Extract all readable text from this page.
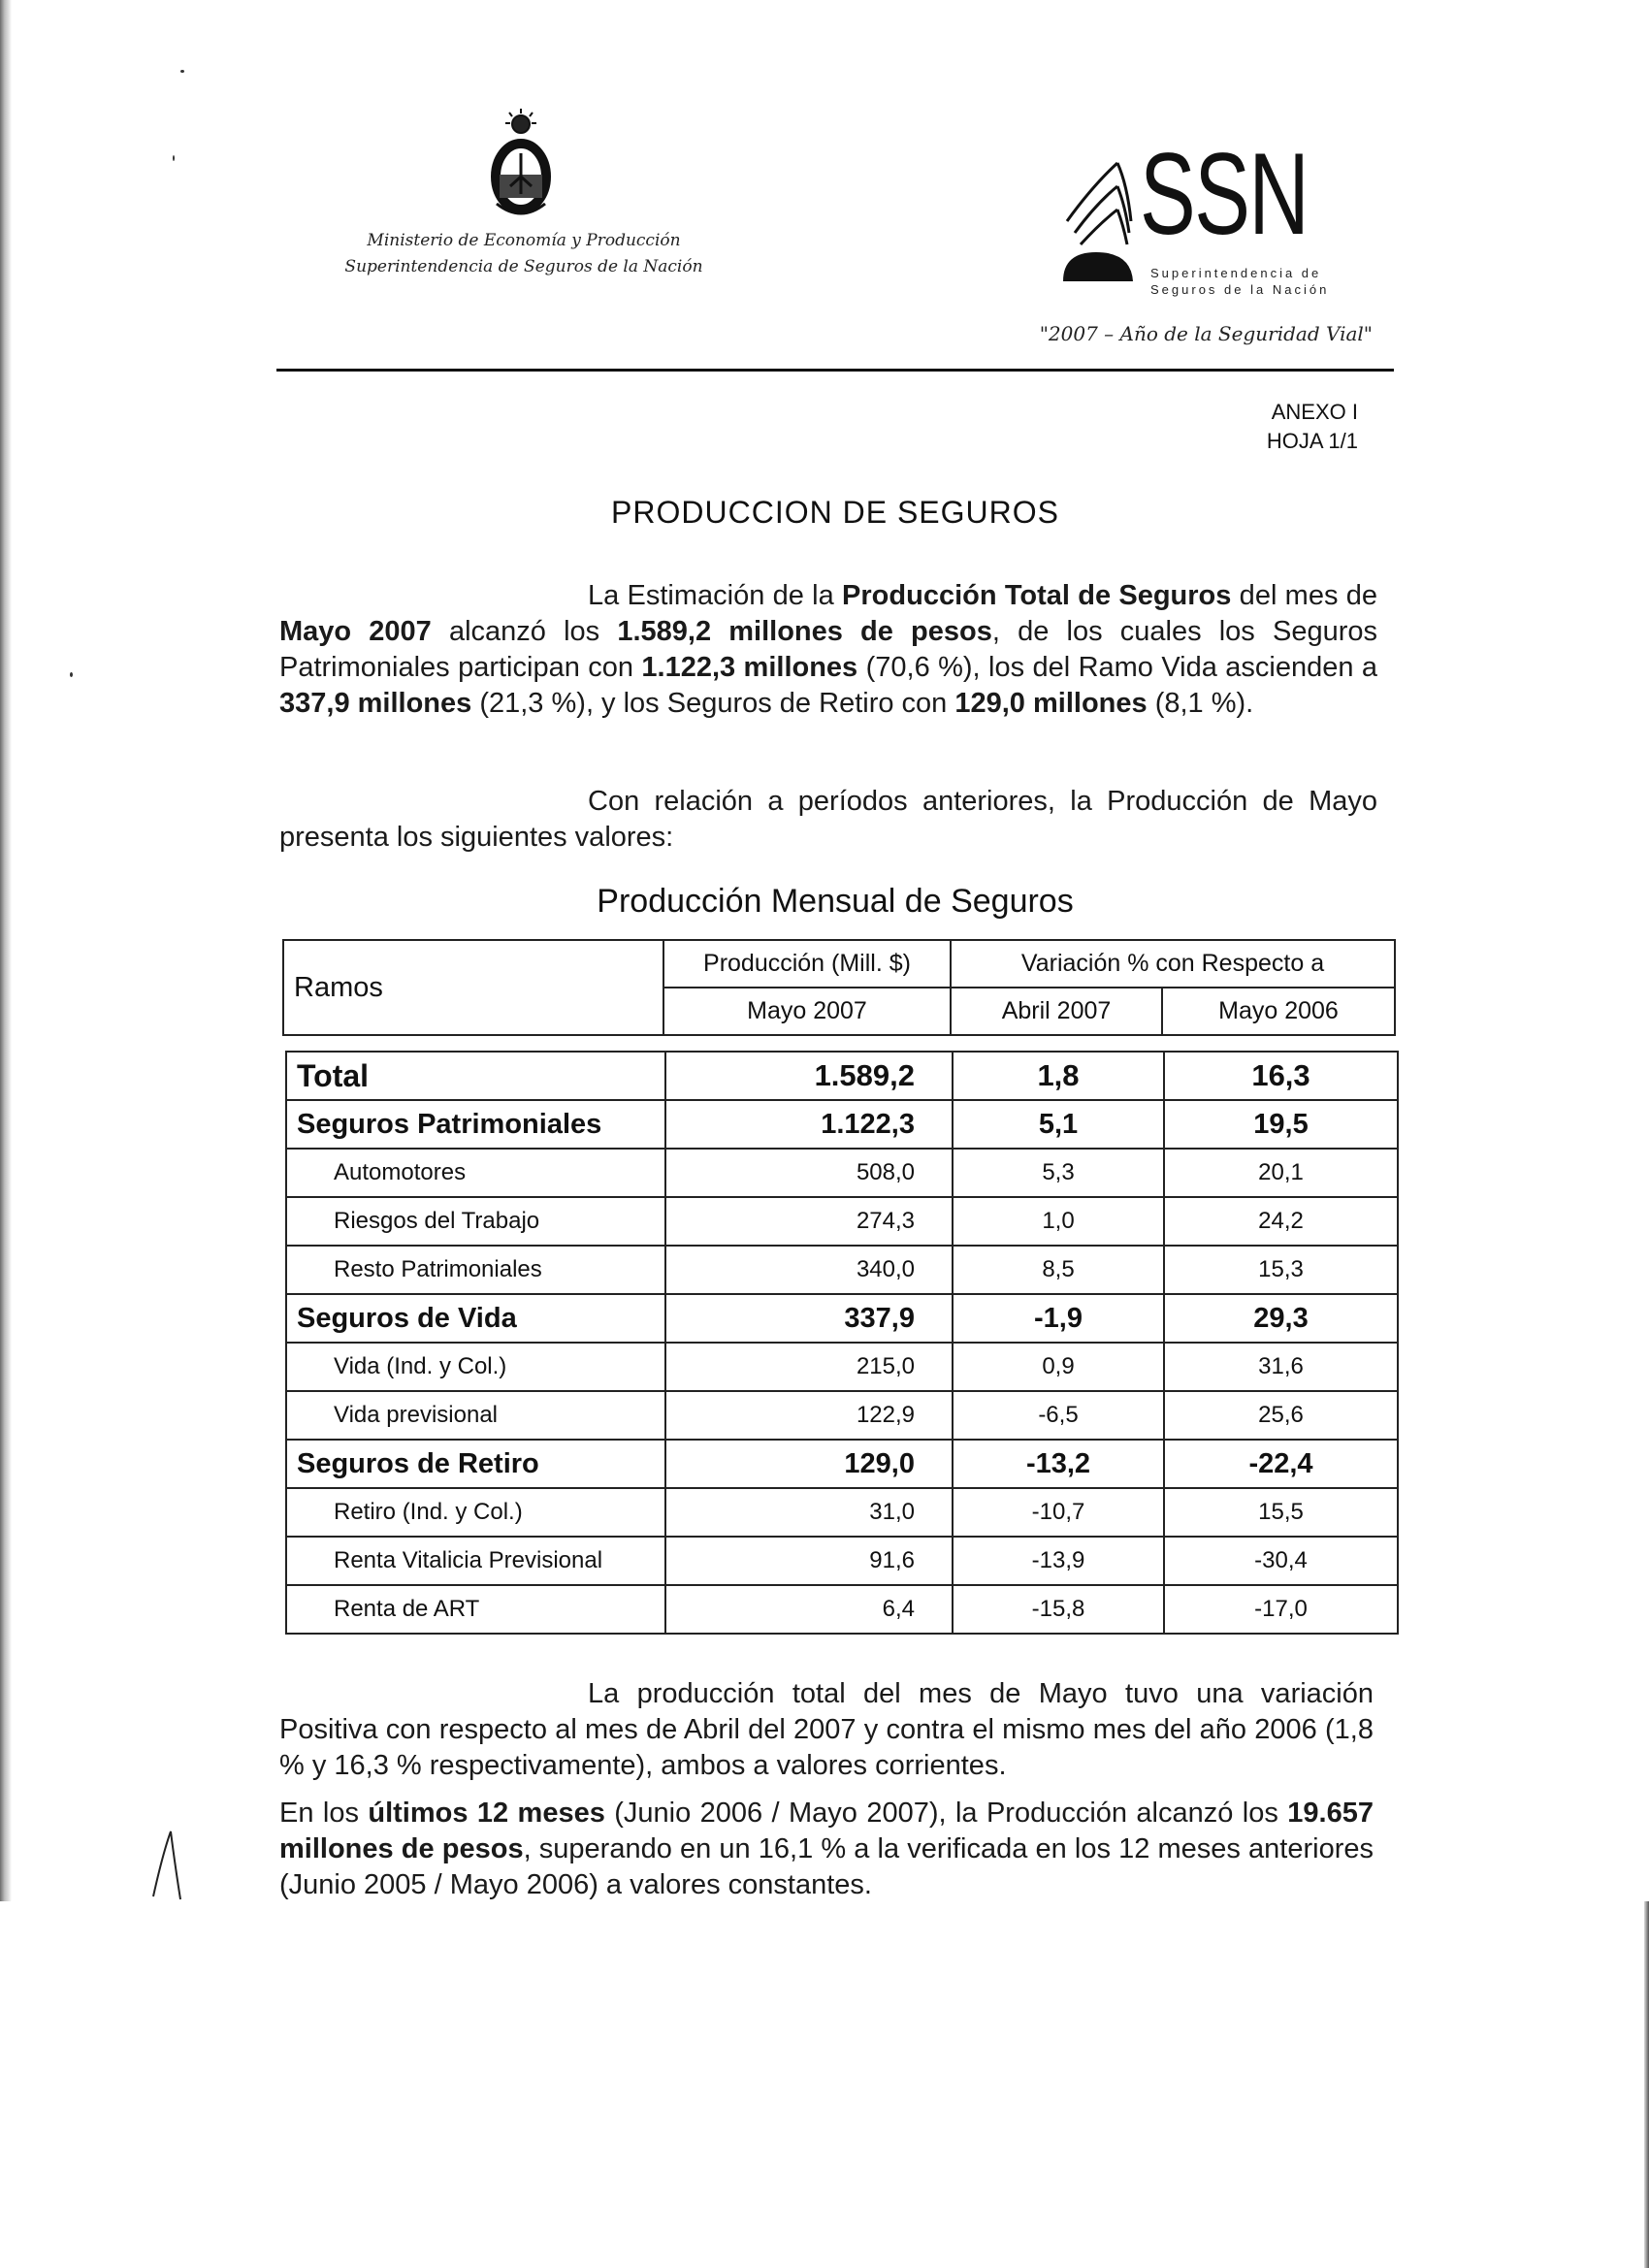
Ministerio de Economía y Producción
Superintendencia de Seguros de la Nación
SSN
Superintendencia de
Seguros de la Nación
"2007 – Año de la Seguridad Vial"
ANEXO I
HOJA 1/1
PRODUCCION DE SEGUROS
La Estimación de la Producción Total de Seguros del mes de Mayo 2007 alcanzó los 1.589,2 millones de pesos, de los cuales los Seguros Patrimoniales participan con 1.122,3 millones (70,6 %), los del Ramo Vida ascienden a 337,9 millones (21,3 %), y los Seguros de Retiro con 129,0 millones (8,1 %).
Con relación a períodos anteriores, la Producción de Mayo presenta los siguientes valores:
Producción Mensual de Seguros
Ramos	Producción (Mill. $)	Variación % con Respecto a	
	Mayo 2007	Abril 2007	Mayo 2006
Total	1.589,2	1,8	16,3
Seguros Patrimoniales	1.122,3	5,1	19,5
Automotores	508,0	5,3	20,1
Riesgos del Trabajo	274,3	1,0	24,2
Resto Patrimoniales	340,0	8,5	15,3
Seguros de Vida	337,9	-1,9	29,3
Vida (Ind. y Col.)	215,0	0,9	31,6
Vida previsional	122,9	-6,5	25,6
Seguros de Retiro	129,0	-13,2	-22,4
Retiro (Ind. y Col.)	31,0	-10,7	15,5
Renta Vitalicia Previsional	91,6	-13,9	-30,4
Renta de ART	6,4	-15,8	-17,0
La producción total del mes de Mayo tuvo una variación Positiva con respecto al mes de Abril del 2007 y contra el mismo mes del año 2006 (1,8 % y 16,3 % respectivamente), ambos a valores corrientes.
En los últimos 12 meses (Junio 2006 / Mayo 2007), la Producción alcanzó los 19.657 millones de pesos, superando en un 16,1 % a la verificada en los 12 meses anteriores (Junio 2005 / Mayo 2006) a valores constantes.
